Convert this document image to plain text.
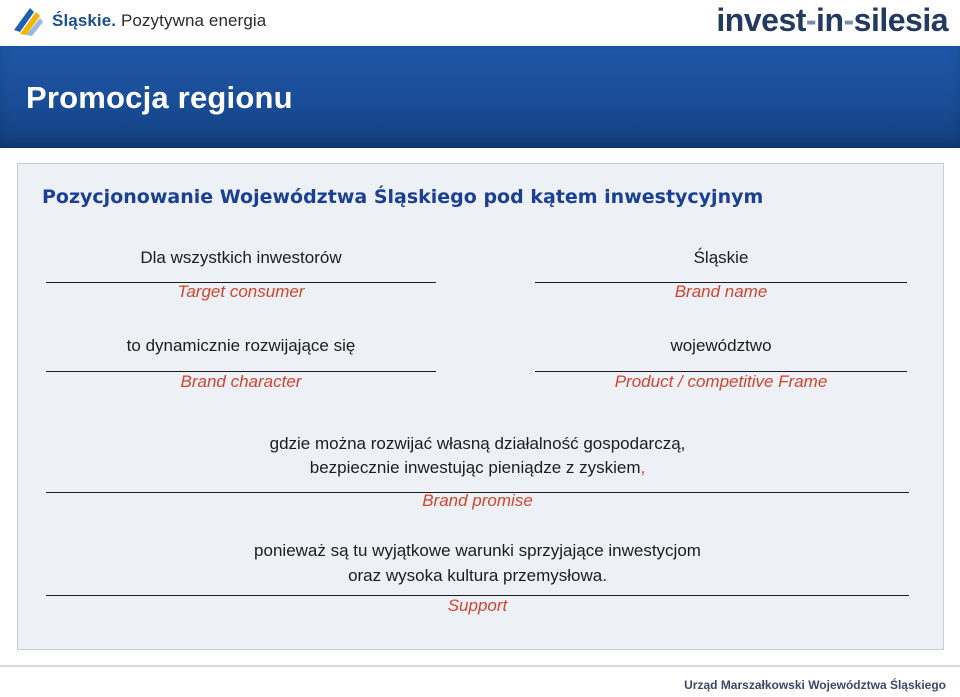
Śląskie. Pozytywna energia	invest - in - silesia
Promocja regionu
Pozycjonowanie Województwa Śląskiego pod kątem inwestycyjnym
Dla wszystkich inwestorów
Target consumer
Śląskie
Brand name
to dynamicznie rozwijające się
Brand character
województwo
Product / competitive Frame
gdzie można rozwijać własną działalność gospodarczą,
bezpiecznie inwestując pieniądze z zyskiem,
Brand promise
ponieważ są tu wyjątkowe warunki sprzyjające inwestycjom
oraz wysoka kultura przemysłowa.
Support
Urząd Marszałkowski Województwa Śląskiego
